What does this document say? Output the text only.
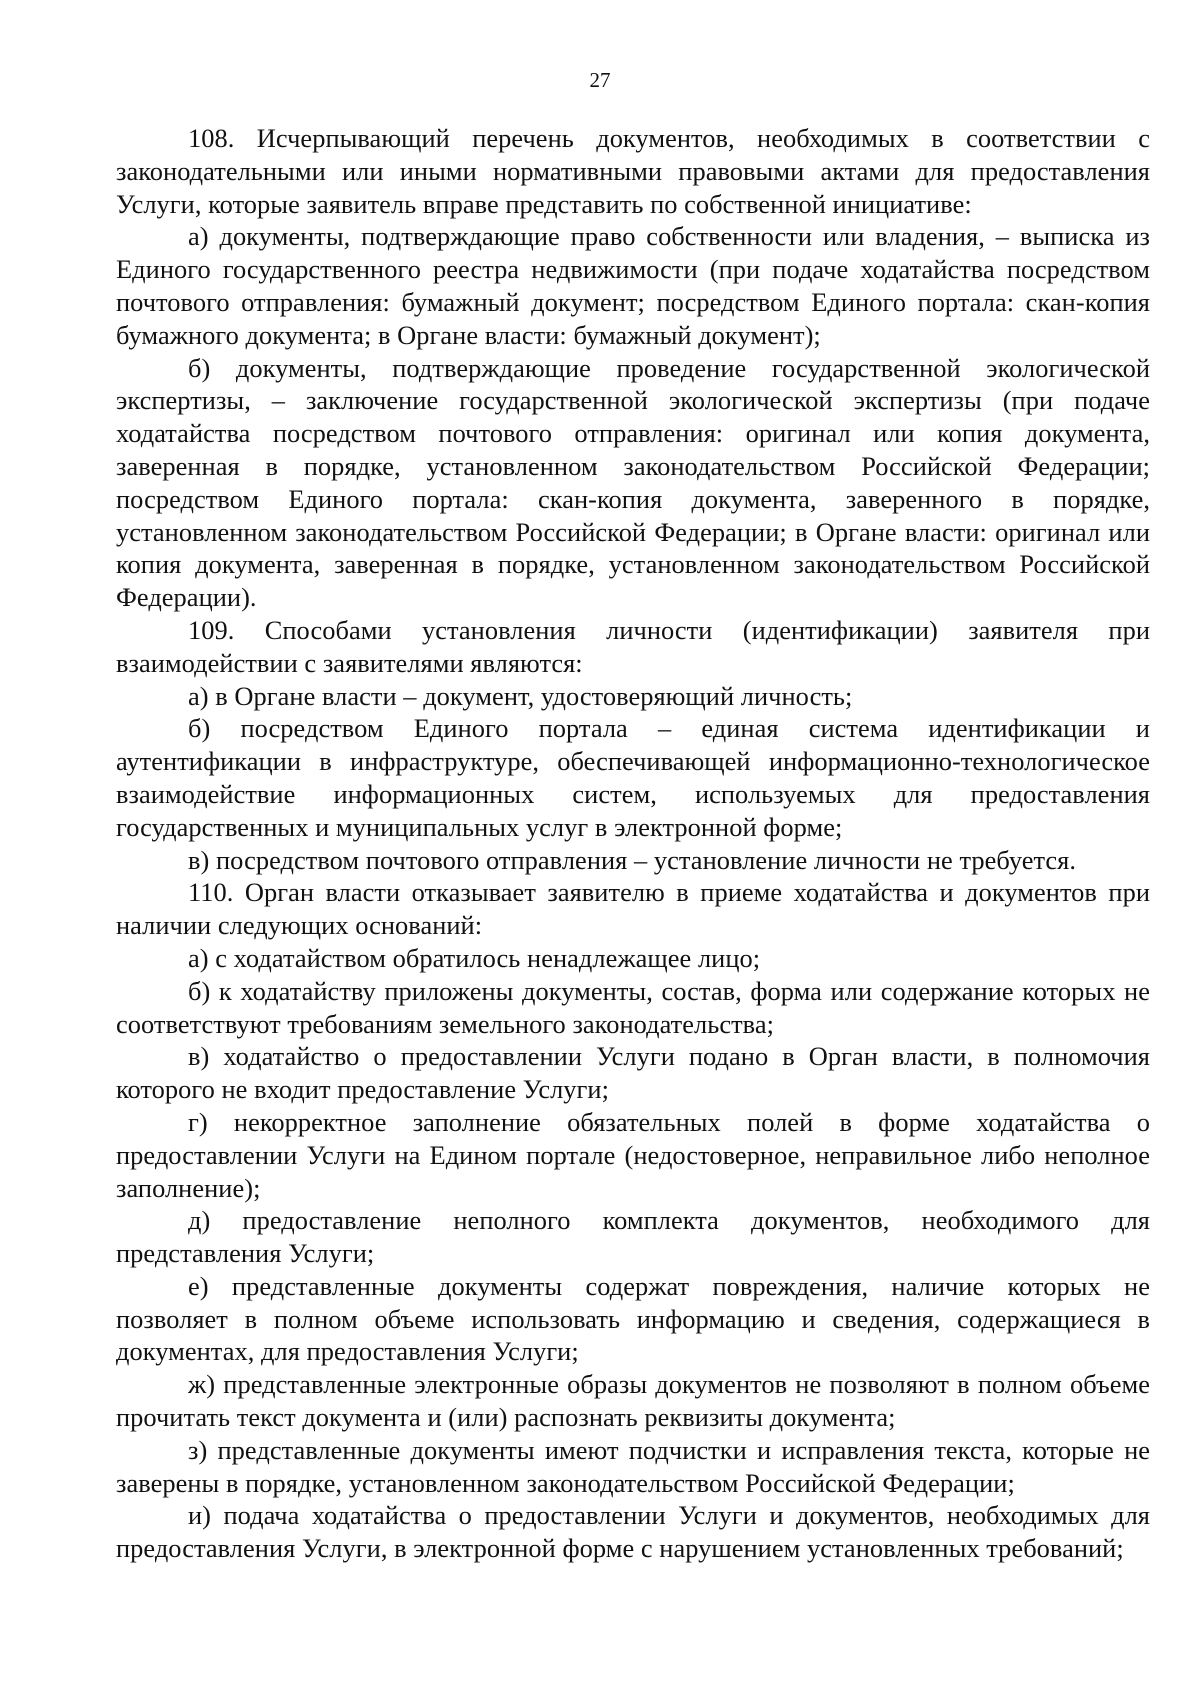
27

108. Исчерпывающий перечень документов, необходимых в соответствии с законодательными или иными нормативными правовыми актами для предоставления Услуги, которые заявитель вправе представить по собственной инициативе:

а) документы, подтверждающие право собственности или владения, – выписка из Единого государственного реестра недвижимости (при подаче ходатайства посредством почтового отправления: бумажный документ; посредством Единого портала: скан-копия бумажного документа; в Органе власти: бумажный документ);

б) документы, подтверждающие проведение государственной экологической экспертизы, – заключение государственной экологической экспертизы (при подаче ходатайства посредством почтового отправления: оригинал или копия документа, заверенная в порядке, установленном законодательством Российской Федерации; посредством Единого портала: скан-копия документа, заверенного в порядке, установленном законодательством Российской Федерации; в Органе власти: оригинал или копия документа, заверенная в порядке, установленном законодательством Российской Федерации).

109. Способами установления личности (идентификации) заявителя при взаимодействии с заявителями являются:

а) в Органе власти – документ, удостоверяющий личность;

б) посредством Единого портала – единая система идентификации и аутентификации в инфраструктуре, обеспечивающей информационно-технологическое взаимодействие информационных систем, используемых для предоставления государственных и муниципальных услуг в электронной форме;

в) посредством почтового отправления – установление личности не требуется.

110. Орган власти отказывает заявителю в приеме ходатайства и документов при наличии следующих оснований:

а) с ходатайством обратилось ненадлежащее лицо;

б) к ходатайству приложены документы, состав, форма или содержание которых не соответствуют требованиям земельного законодательства;

в) ходатайство о предоставлении Услуги подано в Орган власти, в полномочия которого не входит предоставление Услуги;

г) некорректное заполнение обязательных полей в форме ходатайства о предоставлении Услуги на Едином портале (недостоверное, неправильное либо неполное заполнение);

д) предоставление неполного комплекта документов, необходимого для представления Услуги;

е) представленные документы содержат повреждения, наличие которых не позволяет в полном объеме использовать информацию и сведения, содержащиеся в документах, для предоставления Услуги;

ж) представленные электронные образы документов не позволяют в полном объеме прочитать текст документа и (или) распознать реквизиты документа;

з) представленные документы имеют подчистки и исправления текста, которые не заверены в порядке, установленном законодательством Российской Федерации;

и) подача ходатайства о предоставлении Услуги и документов, необходимых для предоставления Услуги, в электронной форме с нарушением установленных требований;
